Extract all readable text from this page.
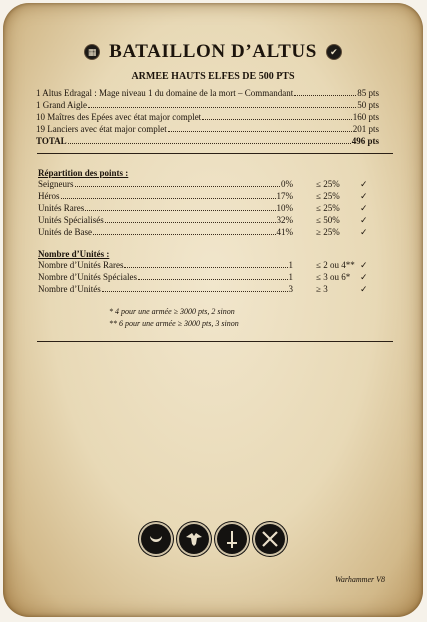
▦ BATAILLON D’ALTUS ✔
ARMEE HAUTS ELFES DE 500 PTS
1 Altus Edragal : Mage niveau 1 du domaine de la mort – Commandant	85 pts
1 Grand Aigle	50 pts
10 Maîtres des Epées avec état major complet	160 pts
19 Lanciers avec état major complet	201 pts
TOTAL	496 pts
Répartition des points :
Seigneurs	0%	≤ 25% ✓
Héros	17%	≤ 25% ✓
Unités Rares	10%	≤ 25% ✓
Unités Spécialisés	32%	≤ 50% ✓
Unités de Base	41%	≥ 25% ✓
Nombre d’Unités :
Nombre d’Unités Rares	1	≤ 2 ou 4** ✓
Nombre d’Unités Spéciales	1	≤ 3 ou 6* ✓
Nombre d’Unités	3	≥ 3	✓
* 4 pour une armée ≥ 3000 pts, 2 sinon
** 6 pour une armée ≥ 3000 pts, 3 sinon

Warhammer V8
